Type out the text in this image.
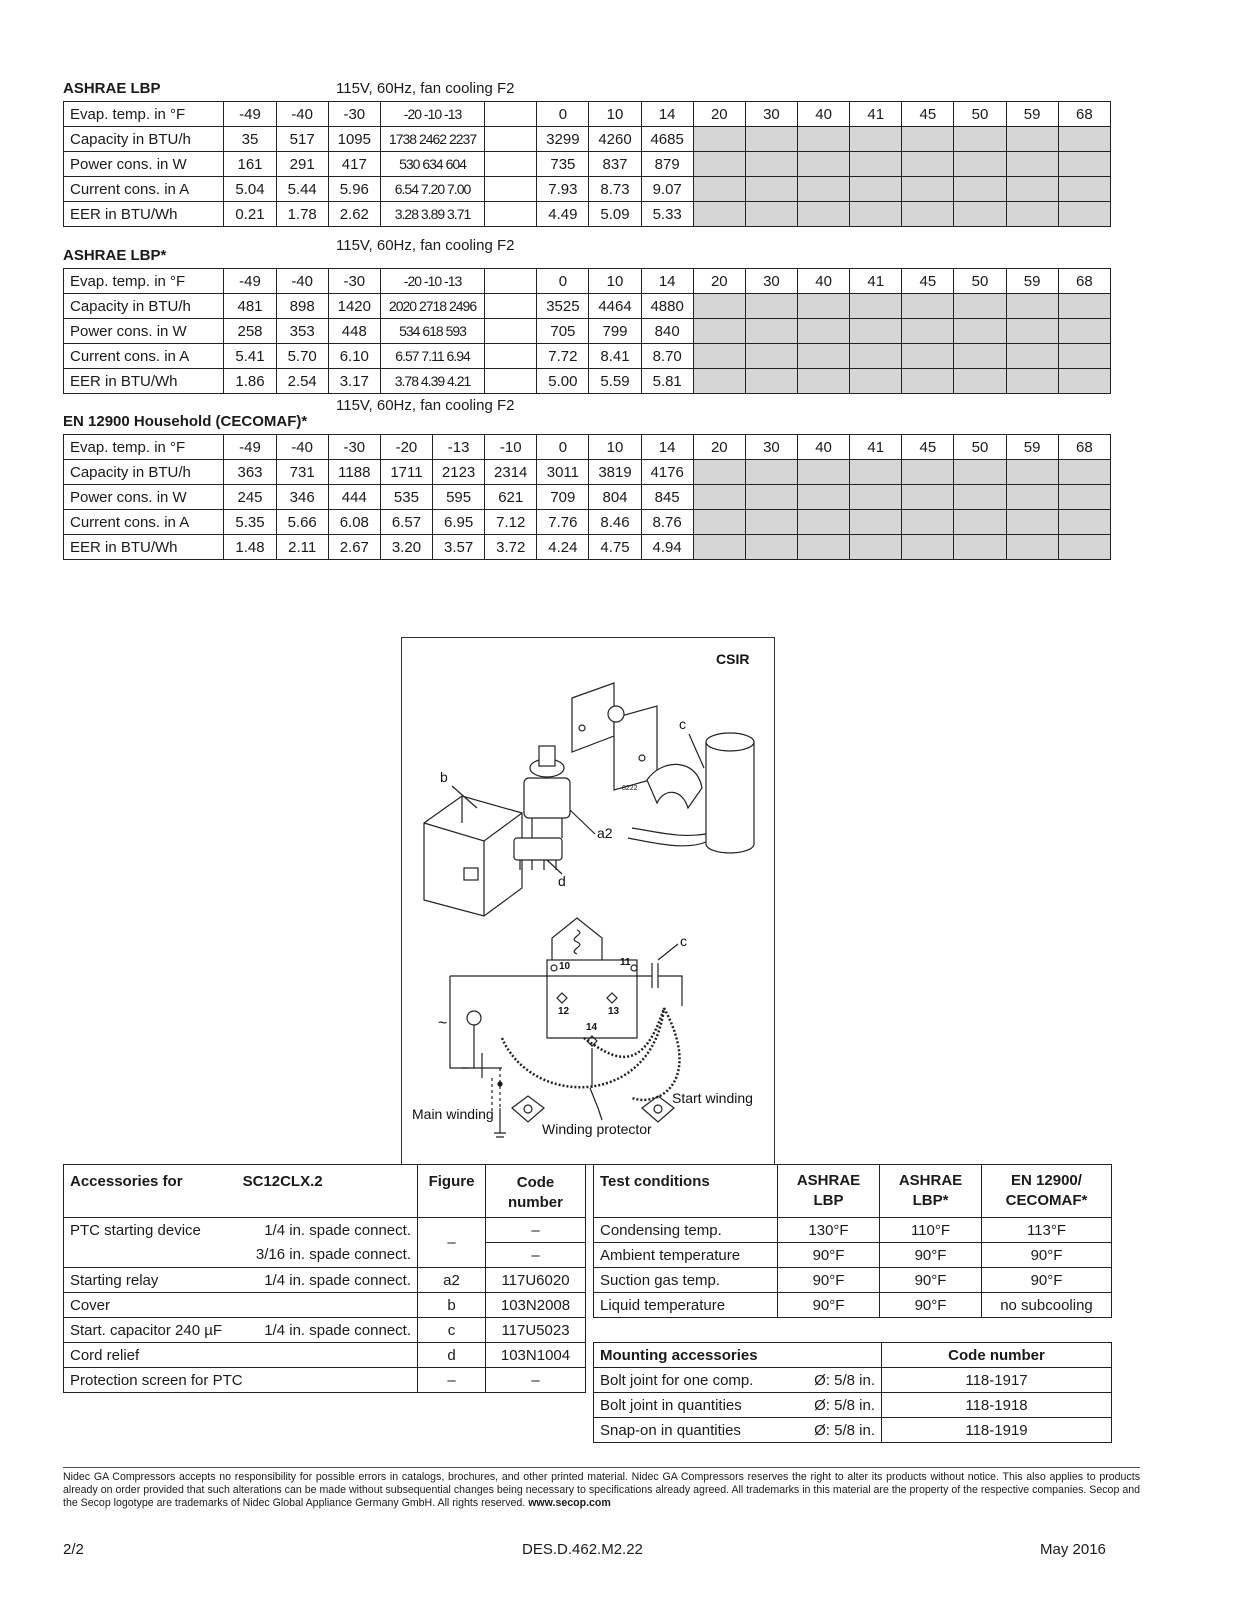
ASHRAE LBP	115V, 60Hz, fan cooling F2
Evap. temp. in °F	-49	-40	-30	-20 -10 -13		0	10	14	20	30	40	41	45	50	59	68
Capacity in BTU/h	35	517	1095	1738 2462 2237		3299	4260	4685								
Power cons. in W	161	291	417	530 634 604		735	837	879								
Current cons. in A	5.04	5.44	5.96	6.54 7.20 7.00		7.93	8.73	9.07								
EER in BTU/Wh	0.21	1.78	2.62	3.28 3.89 3.71		4.49	5.09	5.33								
ASHRAE LBP*
115V, 60Hz, fan cooling F2
Evap. temp. in °F	-49	-40	-30	-20 -10 -13		0	10	14	20	30	40	41	45	50	59	68
Capacity in BTU/h	481	898	1420	2020 2718 2496		3525	4464	4880								
Power cons. in W	258	353	448	534 618 593		705	799	840								
Current cons. in A	5.41	5.70	6.10	6.57 7.11 6.94		7.72	8.41	8.70								
EER in BTU/Wh	1.86	2.54	3.17	3.78 4.39 4.21		5.00	5.59	5.81								
EN 12900 Household (CECOMAF)*
115V, 60Hz, fan cooling F2
Evap. temp. in °F	-49	-40	-30	-20	-13	-10	0	10	14	20	30	40	41	45	50	59	68
Capacity in BTU/h	363	731	1188	1711	2123	2314	3011	3819	4176								
Power cons. in W	245	346	444	535	595	621	709	804	845								
Current cons. in A	5.35	5.66	6.08	6.57	6.95	7.12	7.76	8.46	8.76								
EER in BTU/Wh	1.48	2.11	2.67	3.20	3.57	3.72	4.24	4.75	4.94								
CSIR
b
c
a2
d
8222
~
10	11
12	13
14
c
Main winding
Start winding
Winding protector
Accessories for SC12CLX.2	Figure	Code number
PTC starting device 1/4 in. spade connect.	–	–

3/16 in. spade connect.		–
Starting relay 1/4 in. spade connect.	a2	117U6020
Cover	b	103N2008
Start. capacitor 240 µF 1/4 in. spade connect.	c	117U5023
Cord relief	d	103N1004
Protection screen for PTC	–	–
Test conditions	ASHRAE LBP	ASHRAE LBP*	EN 12900/ CECOMAF*
Condensing temp.	130°F	110°F	113°F
Ambient temperature	90°F	90°F	90°F
Suction gas temp.	90°F	90°F	90°F
Liquid temperature	90°F	90°F	no subcooling
Mounting accessories	Code number
Bolt joint for one comp. Ø: 5/8 in.	118-1917
Bolt joint in quantities Ø: 5/8 in.	118-1918
Snap-on in quantities Ø: 5/8 in.	118-1919
Nidec GA Compressors accepts no responsibility for possible errors in catalogs, brochures, and other printed material. Nidec GA Compressors reserves the right to alter its products without notice. This also applies to products already on order provided that such alterations can be made without subsequential changes being necessary to specifications already agreed. All trademarks in this material are the property of the respective companies. Secop and the Secop logotype are trademarks of Nidec Global Appliance Germany GmbH. All rights reserved. www.secop.com
2/2	DES.D.462.M2.22	May 2016
